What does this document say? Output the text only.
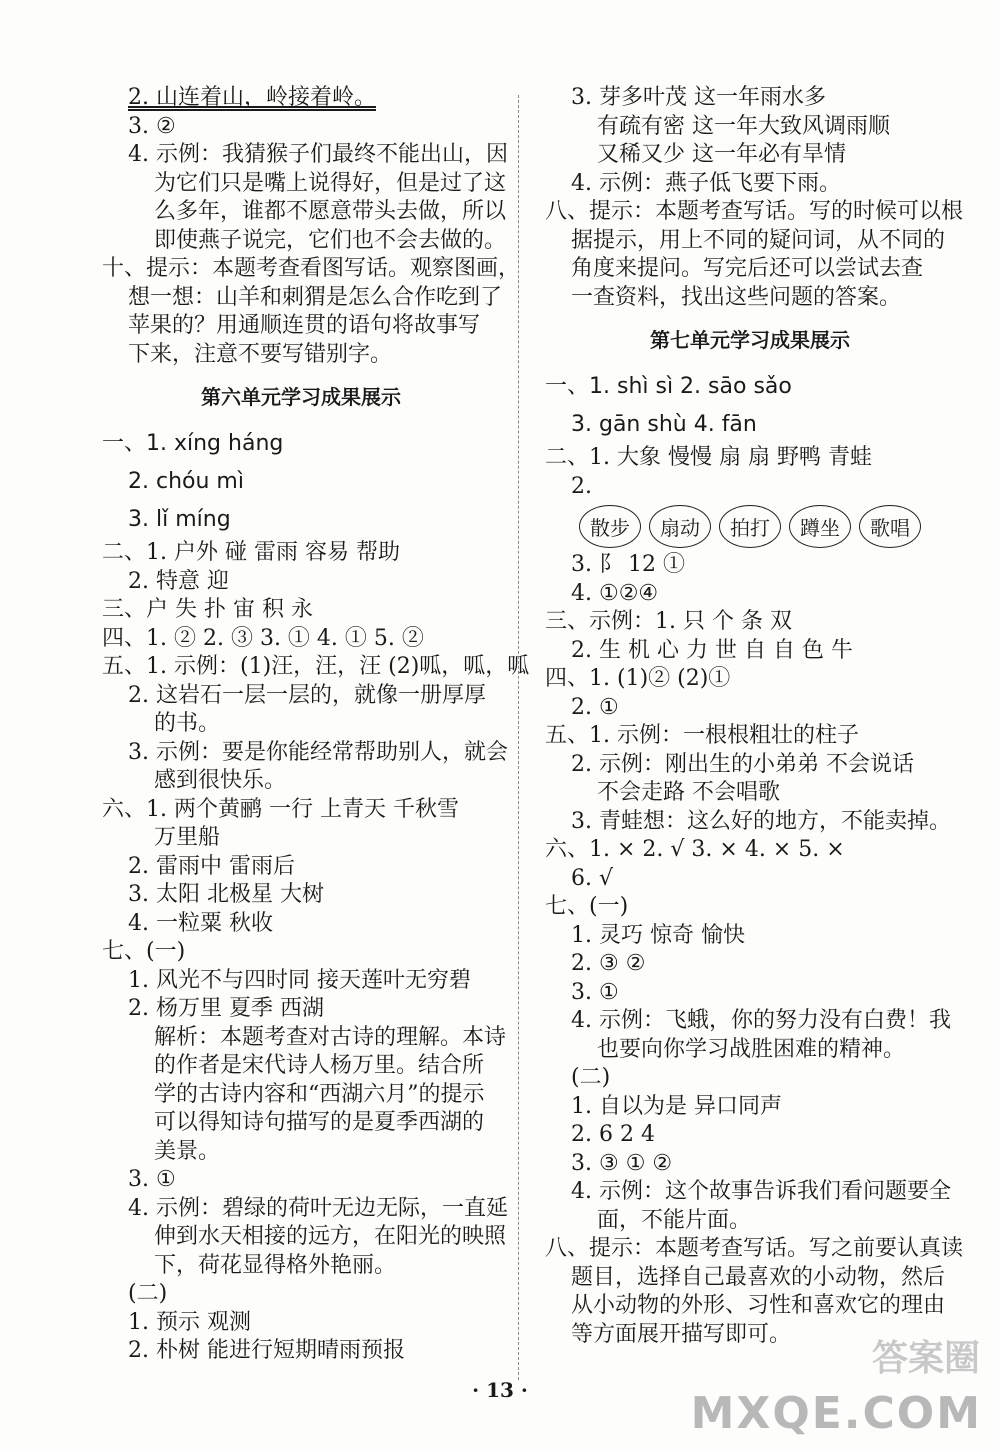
2. 山连着山，岭接着岭。
3. ②
4. 示例：我猜猴子们最终不能出山，因
为它们只是嘴上说得好，但是过了这
么多年，谁都不愿意带头去做，所以
即使燕子说完，它们也不会去做的。
十、提示：本题考查看图写话。观察图画，
想一想：山羊和刺猬是怎么合作吃到了
苹果的？用通顺连贯的语句将故事写
下来，注意不要写错别字。
第六单元学习成果展示
一、1. xíng háng
2. chóu mì
3. lǐ míng
二、1. 户外 碰 雷雨 容易 帮助
2. 特意 迎
三、户 失 扑 宙 积 永
四、1. ② 2. ③ 3. ① 4. ① 5. ②
五、1. 示例：(1)汪，汪，汪 (2)呱，呱，呱
2. 这岩石一层一层的，就像一册厚厚
的书。
3. 示例：要是你能经常帮助别人，就会
感到很快乐。
六、1. 两个黄鹂 一行 上青天 千秋雪
万里船
2. 雷雨中 雷雨后
3. 太阳 北极星 大树
4. 一粒粟 秋收
七、(一)
1. 风光不与四时同 接天莲叶无穷碧
2. 杨万里 夏季 西湖
解析：本题考查对古诗的理解。本诗
的作者是宋代诗人杨万里。结合所
学的古诗内容和“西湖六月”的提示
可以得知诗句描写的是夏季西湖的
美景。
3. ①
4. 示例：碧绿的荷叶无边无际，一直延
伸到水天相接的远方，在阳光的映照
下，荷花显得格外艳丽。
(二)
1. 预示 观测
2. 朴树 能进行短期晴雨预报
3. 芽多叶茂 这一年雨水多
有疏有密 这一年大致风调雨顺
又稀又少 这一年必有旱情
4. 示例：燕子低飞要下雨。
八、提示：本题考查写话。写的时候可以根
据提示，用上不同的疑问词，从不同的
角度来提问。写完后还可以尝试去查
一查资料，找出这些问题的答案。
第七单元学习成果展示
一、1. shì sì 2. sāo sǎo
3. gān shù 4. fān
二、1. 大象 慢慢 扇 扇 野鸭 青蛙
2.
散步	扇动	拍打	蹲坐	歌唱
3. 阝 12 ①
4. ①②④
三、示例：1. 只 个 条 双
2. 生 机 心 力 世 自 自 色 牛
四、1. (1)② (2)①
2. ①
五、1. 示例：一根根粗壮的柱子
2. 示例：刚出生的小弟弟 不会说话
不会走路 不会唱歌
3. 青蛙想：这么好的地方，不能卖掉。
六、1. × 2. √ 3. × 4. × 5. ×
6. √
七、(一)
1. 灵巧 惊奇 愉快
2. ③ ②
3. ①
4. 示例：飞蛾，你的努力没有白费！我
也要向你学习战胜困难的精神。
(二)
1. 自以为是 异口同声
2. 6 2 4
3. ③ ① ②
4. 示例：这个故事告诉我们看问题要全
面，不能片面。
八、提示：本题考查写话。写之前要认真读
题目，选择自己最喜欢的小动物，然后
从小动物的外形、习性和喜欢它的理由
等方面展开描写即可。
· 13 ·
答案圈
MXQE.COM
